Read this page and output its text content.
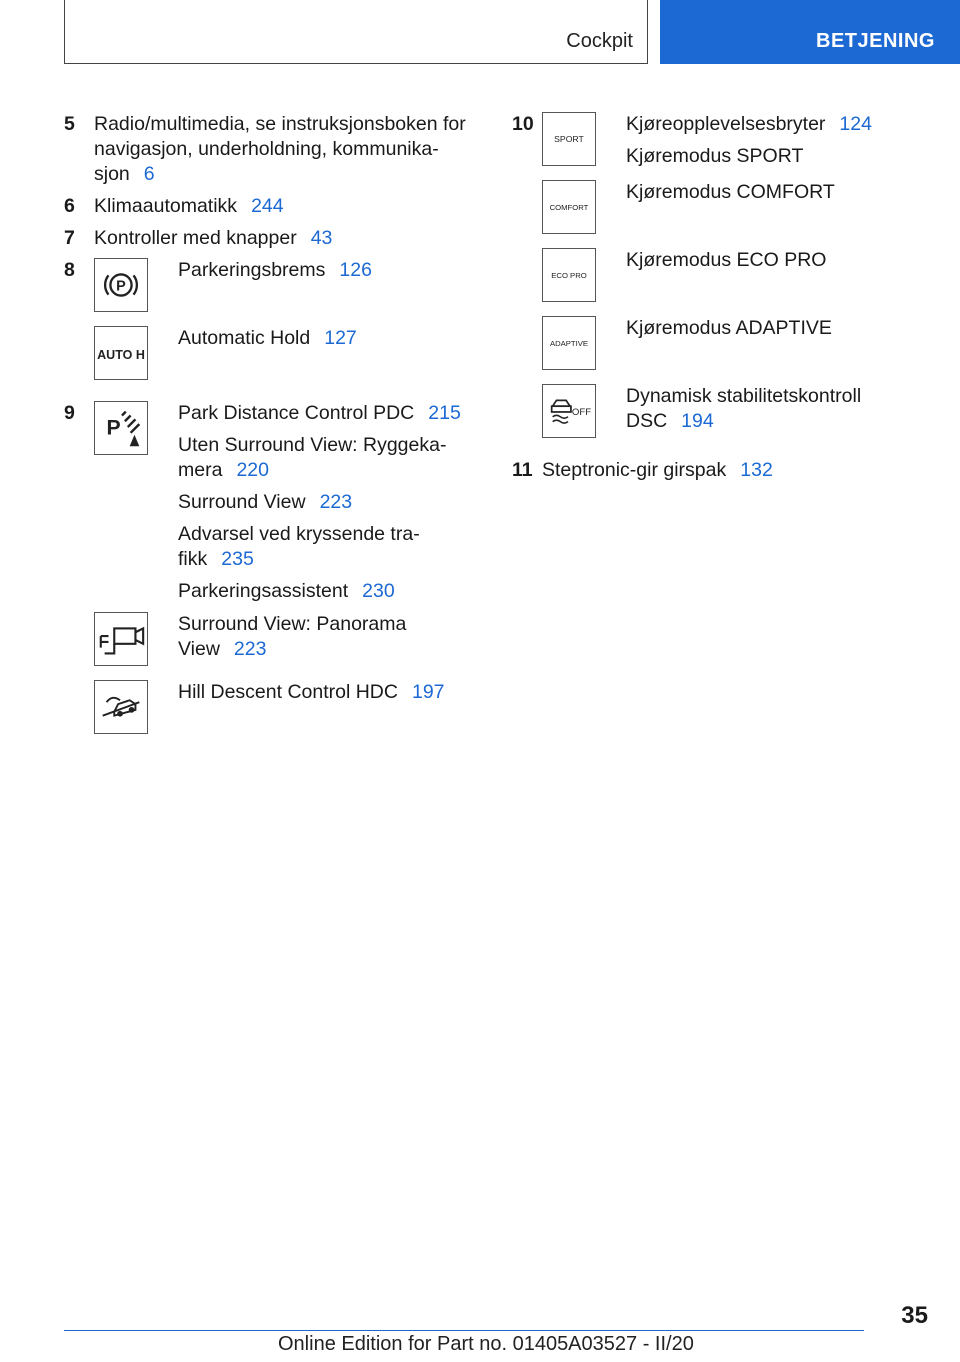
Cockpit	BETJENING
5 Radio/multimedia, se instruksjonsboken for
navigasjon, underholdning, kommunika-
sjon 6
6 Klimaautomatikk 244
7 Kontroller med knapper 43
8
P
Parkeringsbrems 126
AUTO H
Automatic Hold 127
9
P
Park Distance Control PDC 215
Uten Surround View: Ryggeka-
mera 220
Surround View 223
Advarsel ved kryssende tra-
fikk 235
Parkeringsassistent 230
Surround View: Panorama
View 223
Hill Descent Control HDC 197
10
SPORT
Kjøreopplevelsesbryter 124
Kjøremodus SPORT
COMFORT
Kjøremodus COMFORT
ECO PRO
Kjøremodus ECO PRO
ADAPTIVE
Kjøremodus ADAPTIVE
OFF
Dynamisk stabilitetskontroll
DSC 194
11 Steptronic-gir girspak 132
35
Online Edition for Part no. 01405A03527 - II/20
